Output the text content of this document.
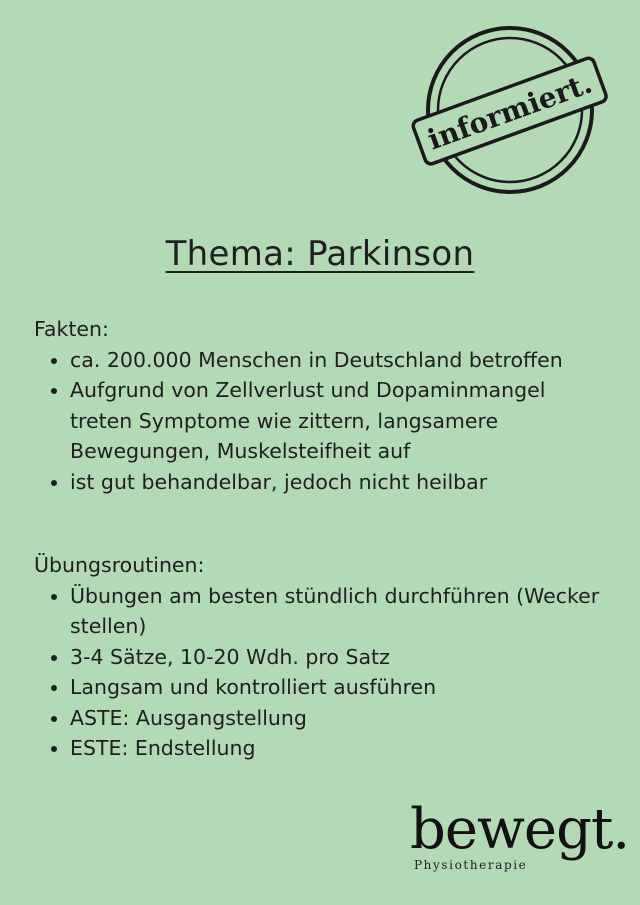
informiert.
Thema: Parkinson

Fakten:

• ca. 200.000 Menschen in Deutschland betroffen
• Aufgrund von Zellverlust und Dopaminmangel treten Symptome wie zittern, langsamere Bewegungen, Muskelsteifheit auf
• ist gut behandelbar, jedoch nicht heilbar

Übungsroutinen:

• Übungen am besten stündlich durchführen (Wecker stellen)
• 3-4 Sätze, 10-20 Wdh. pro Satz
• Langsam und kontrolliert ausführen
• ASTE: Ausgangstellung
• ESTE: Endstellung
bewegt.
Physiotherapie
